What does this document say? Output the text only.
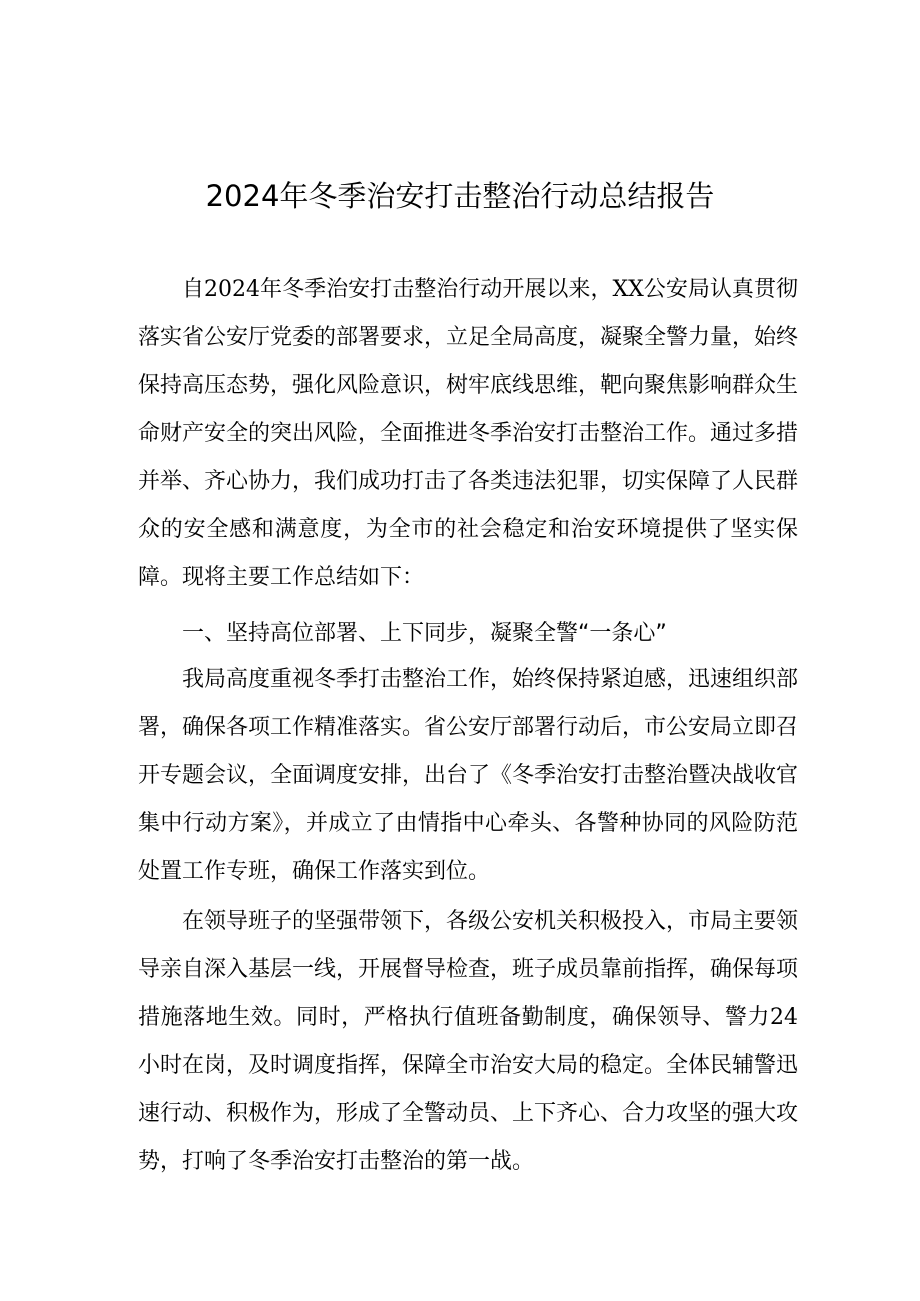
2024年冬季治安打击整治行动总结报告

自2024年冬季治安打击整治行动开展以来，XX公安局认真贯彻落实省公安厅党委的部署要求，立足全局高度，凝聚全警力量，始终保持高压态势，强化风险意识，树牢底线思维，靶向聚焦影响群众生命财产安全的突出风险，全面推进冬季治安打击整治工作。通过多措并举、齐心协力，我们成功打击了各类违法犯罪，切实保障了人民群众的安全感和满意度，为全市的社会稳定和治安环境提供了坚实保障。现将主要工作总结如下：

一、坚持高位部署、上下同步，凝聚全警“一条心”

我局高度重视冬季打击整治工作，始终保持紧迫感，迅速组织部署，确保各项工作精准落实。省公安厅部署行动后，市公安局立即召开专题会议，全面调度安排，出台了《冬季治安打击整治暨决战收官集中行动方案》，并成立了由情指中心牵头、各警种协同的风险防范处置工作专班，确保工作落实到位。

在领导班子的坚强带领下，各级公安机关积极投入，市局主要领导亲自深入基层一线，开展督导检查，班子成员靠前指挥，确保每项措施落地生效。同时，严格执行值班备勤制度，确保领导、警力24小时在岗，及时调度指挥，保障全市治安大局的稳定。全体民辅警迅速行动、积极作为，形成了全警动员、上下齐心、合力攻坚的强大攻势，打响了冬季治安打击整治的第一战。
